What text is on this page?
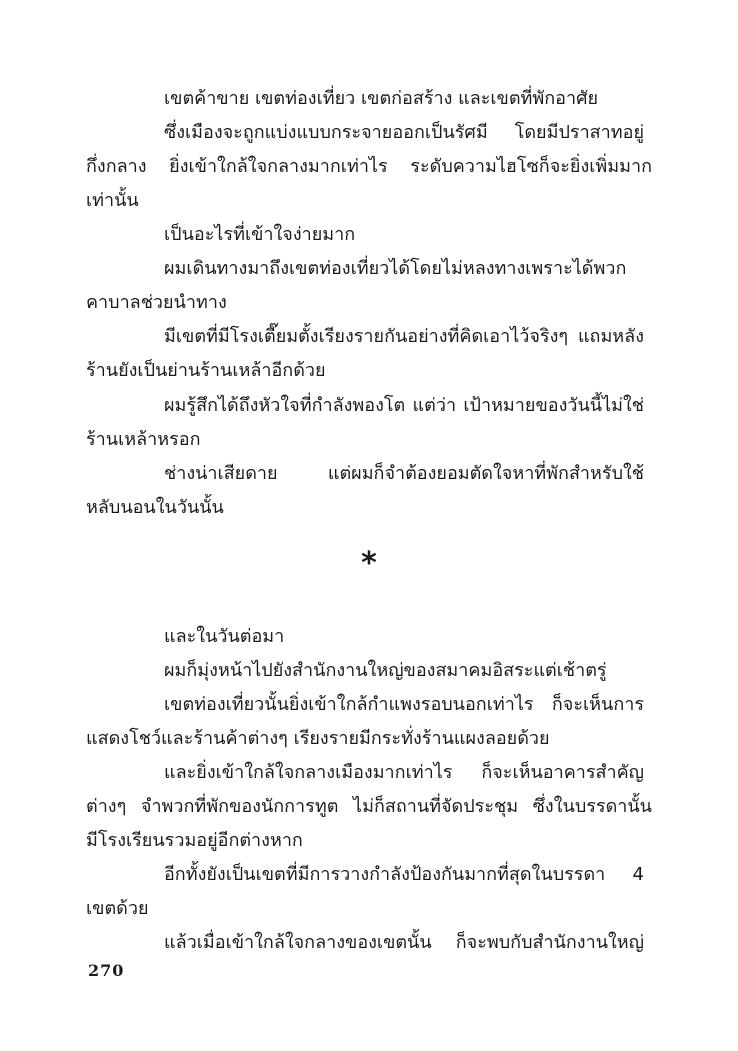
เขตค้าขาย เขตท่องเที่ยว เขตก่อสร้าง และเขตที่พักอาศัย
ซึ่งเมืองจะถูกแบ่งแบบกระจายออกเป็นรัศมี โดยมีปราสาทอยู่
กึ่งกลาง ยิ่งเข้าใกล้ใจกลางมากเท่าไร ระดับความไฮโซก็จะยิ่งเพิ่มมาก
เท่านั้น
เป็นอะไรที่เข้าใจง่ายมาก
ผมเดินทางมาถึงเขตท่องเที่ยวได้โดยไม่หลงทางเพราะได้พวก
คาบาลช่วยนำทาง
มีเขตที่มีโรงเตี๊ยมตั้งเรียงรายกันอย่างที่คิดเอาไว้จริงๆ แถมหลัง
ร้านยังเป็นย่านร้านเหล้าอีกด้วย
ผมรู้สึกได้ถึงหัวใจที่กำลังพองโต แต่ว่า เป้าหมายของวันนี้ไม่ใช่
ร้านเหล้าหรอก
ช่างน่าเสียดาย แต่ผมก็จำต้องยอมตัดใจหาที่พักสำหรับใช้
หลับนอนในวันนั้น
*
และในวันต่อมา
ผมก็มุ่งหน้าไปยังสำนักงานใหญ่ของสมาคมอิสระแต่เช้าตรู่
เขตท่องเที่ยวนั้นยิ่งเข้าใกล้กำแพงรอบนอกเท่าไร ก็จะเห็นการ
แสดงโชว์และร้านค้าต่างๆ เรียงรายมีกระทั่งร้านแผงลอยด้วย
และยิ่งเข้าใกล้ใจกลางเมืองมากเท่าไร ก็จะเห็นอาคารสำคัญ
ต่างๆ จำพวกที่พักของนักการทูต ไม่ก็สถานที่จัดประชุม ซึ่งในบรรดานั้น
มีโรงเรียนรวมอยู่อีกต่างหาก
อีกทั้งยังเป็นเขตที่มีการวางกำลังป้องกันมากที่สุดในบรรดา 4
เขตด้วย
แล้วเมื่อเข้าใกล้ใจกลางของเขตนั้น ก็จะพบกับสำนักงานใหญ่
270
